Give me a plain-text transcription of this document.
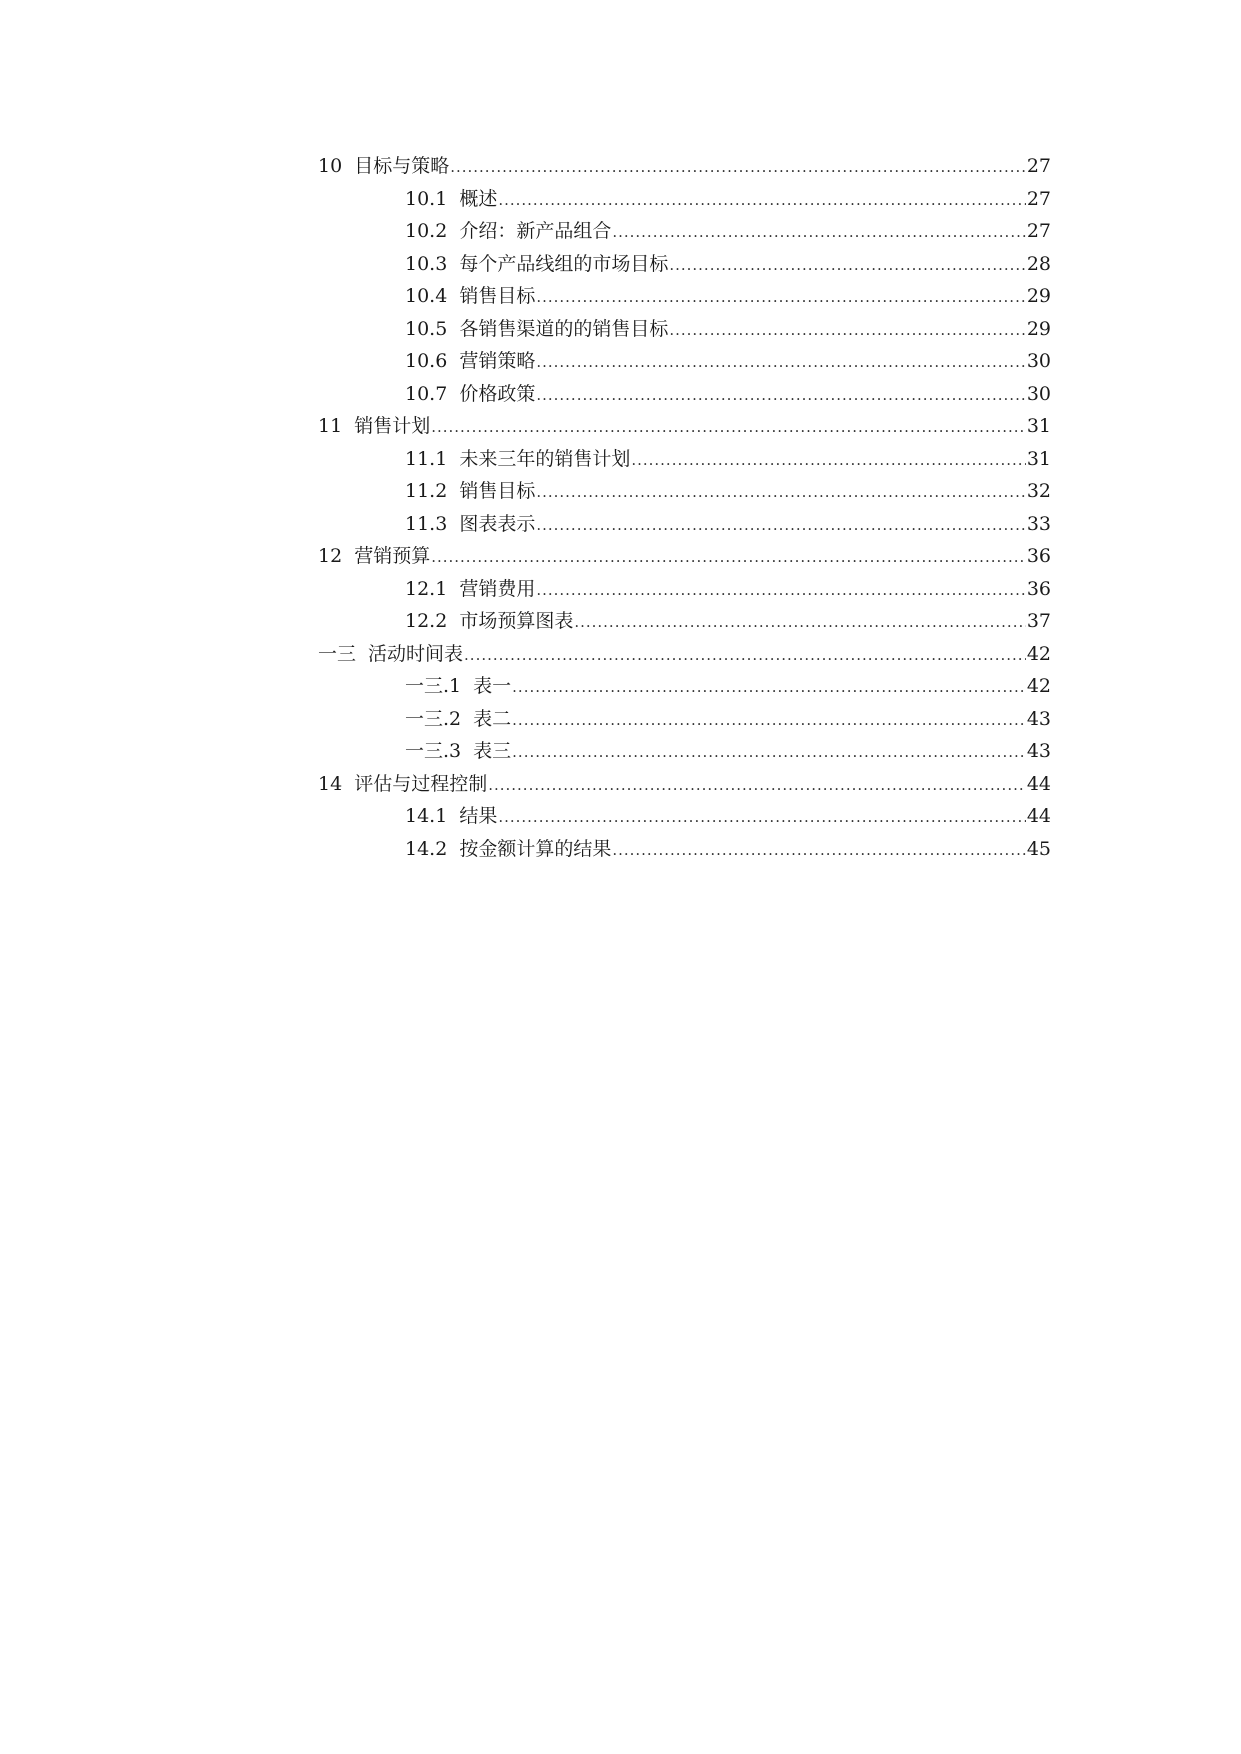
10 目标与策略 .....	27
10.1 概述 .....	27
10.2 介绍：新产品组合 .....	27
10.3 每个产品线组的市场目标 .....	28
10.4 销售目标 .....	29
10.5 各销售渠道的的销售目标 .....	29
10.6 营销策略 .....	30
10.7 价格政策 .....	30
11 销售计划 .....	31
11.1 未来三年的销售计划 .....	31
11.2 销售目标 .....	32
11.3 图表表示 .....	33
12 营销预算 .....	36
12.1 营销费用 .....	36
12.2 市场预算图表 .....	37
一三 活动时间表 .....	42
一三.1 表一 .....	42
一三.2 表二 .....	43
一三.3 表三 .....	43
14 评估与过程控制 .....	44
14.1 结果 .....	44
14.2 按金额计算的结果 .....	45
